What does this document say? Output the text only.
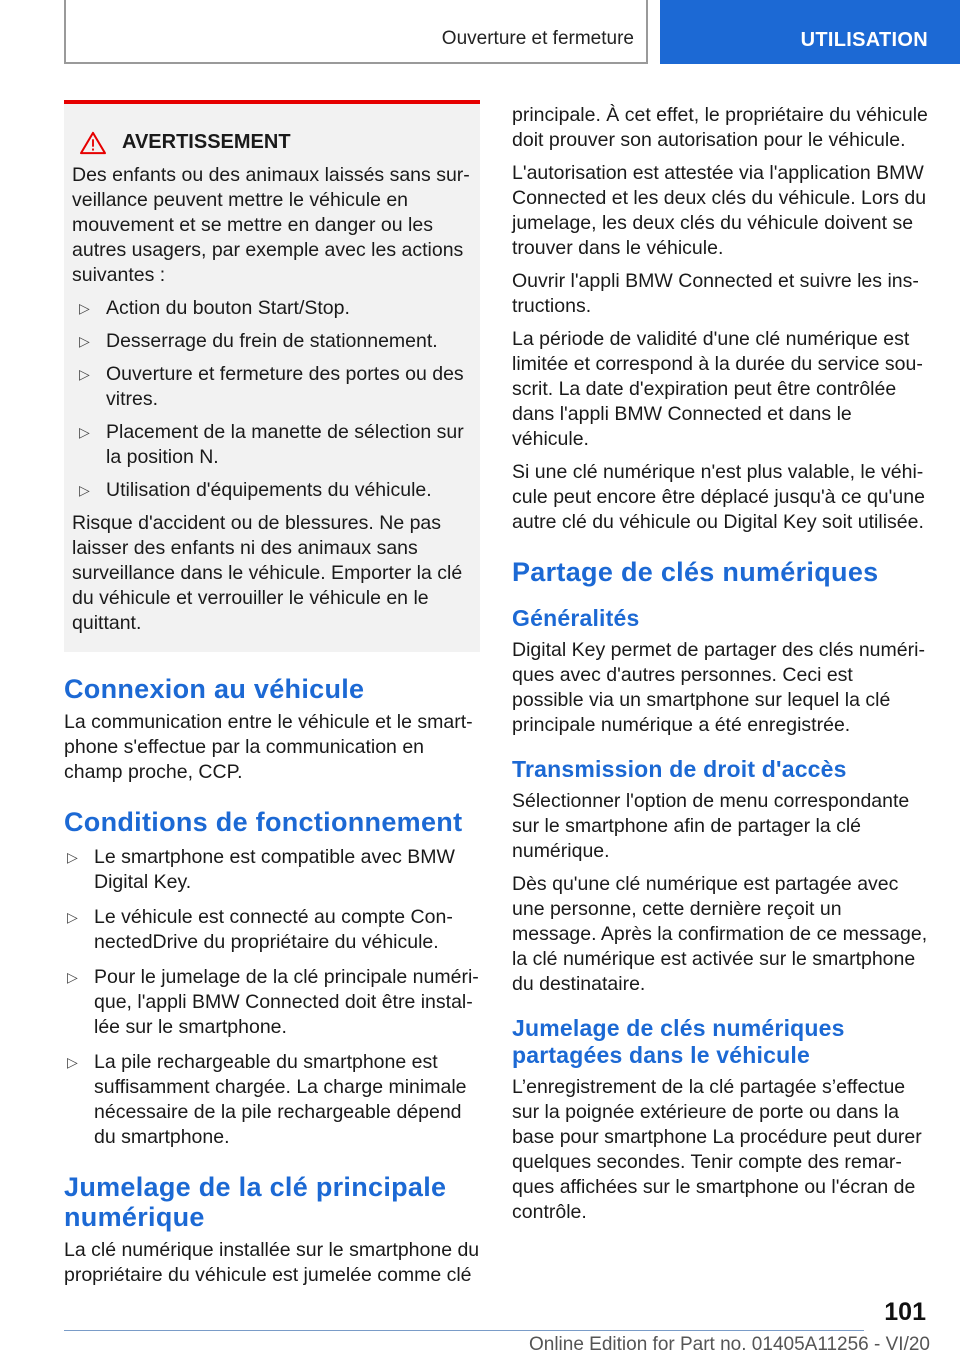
Ouverture et fermeture	UTILISATION
AVERTISSEMENT

Des enfants ou des animaux laissés sans surveillance peuvent mettre le véhicule en mouvement et se mettre en danger ou les autres usagers, par exemple avec les actions suivantes :

▷ Action du bouton Start/Stop.
▷ Desserrage du frein de stationnement.
▷ Ouverture et fermeture des portes ou des vitres.
▷ Placement de la manette de sélection sur la position N.
▷ Utilisation d'équipements du véhicule.

Risque d'accident ou de blessures. Ne pas laisser des enfants ni des animaux sans surveillance dans le véhicule. Emporter la clé du véhicule et verrouiller le véhicule en le quittant.

Connexion au véhicule

La communication entre le véhicule et le smartphone s'effectue par la communication en champ proche, CCP.

Conditions de fonctionnement
▷ Le smartphone est compatible avec BMW Digital Key.
▷ Le véhicule est connecté au compte ConnectedDrive du propriétaire du véhicule.
▷ Pour le jumelage de la clé principale numérique, l'appli BMW Connected doit être installée sur le smartphone.
▷ La pile rechargeable du smartphone est suffisamment chargée. La charge minimale nécessaire de la pile rechargeable dépend du smartphone.
Jumelage de la clé principale numérique

La clé numérique installée sur le smartphone du propriétaire du véhicule est jumelée comme clé

principale. À cet effet, le propriétaire du véhicule doit prouver son autorisation pour le véhicule.

L'autorisation est attestée via l'application BMW Connected et les deux clés du véhicule. Lors du jumelage, les deux clés du véhicule doivent se trouver dans le véhicule.

Ouvrir l'appli BMW Connected et suivre les instructions.

La période de validité d'une clé numérique est limitée et correspond à la durée du service souscrit. La date d'expiration peut être contrôlée dans l'appli BMW Connected et dans le véhicule.

Si une clé numérique n'est plus valable, le véhicule peut encore être déplacé jusqu'à ce qu'une autre clé du véhicule ou Digital Key soit utilisée.

Partage de clés numériques
Généralités

Digital Key permet de partager des clés numériques avec d'autres personnes. Ceci est possible via un smartphone sur lequel la clé principale numérique a été enregistrée.

Transmission de droit d'accès

Sélectionner l'option de menu correspondante sur le smartphone afin de partager la clé numérique.

Dès qu'une clé numérique est partagée avec une personne, cette dernière reçoit un message. Après la confirmation de ce message, la clé numérique est activée sur le smartphone du destinataire.

Jumelage de clés numériques partagées dans le véhicule

L’enregistrement de la clé partagée s’effectue sur la poignée extérieure de porte ou dans la base pour smartphone La procédure peut durer quelques secondes. Tenir compte des remarques affichées sur le smartphone ou l'écran de contrôle.

101
Online Edition for Part no. 01405A11256 - VI/20
